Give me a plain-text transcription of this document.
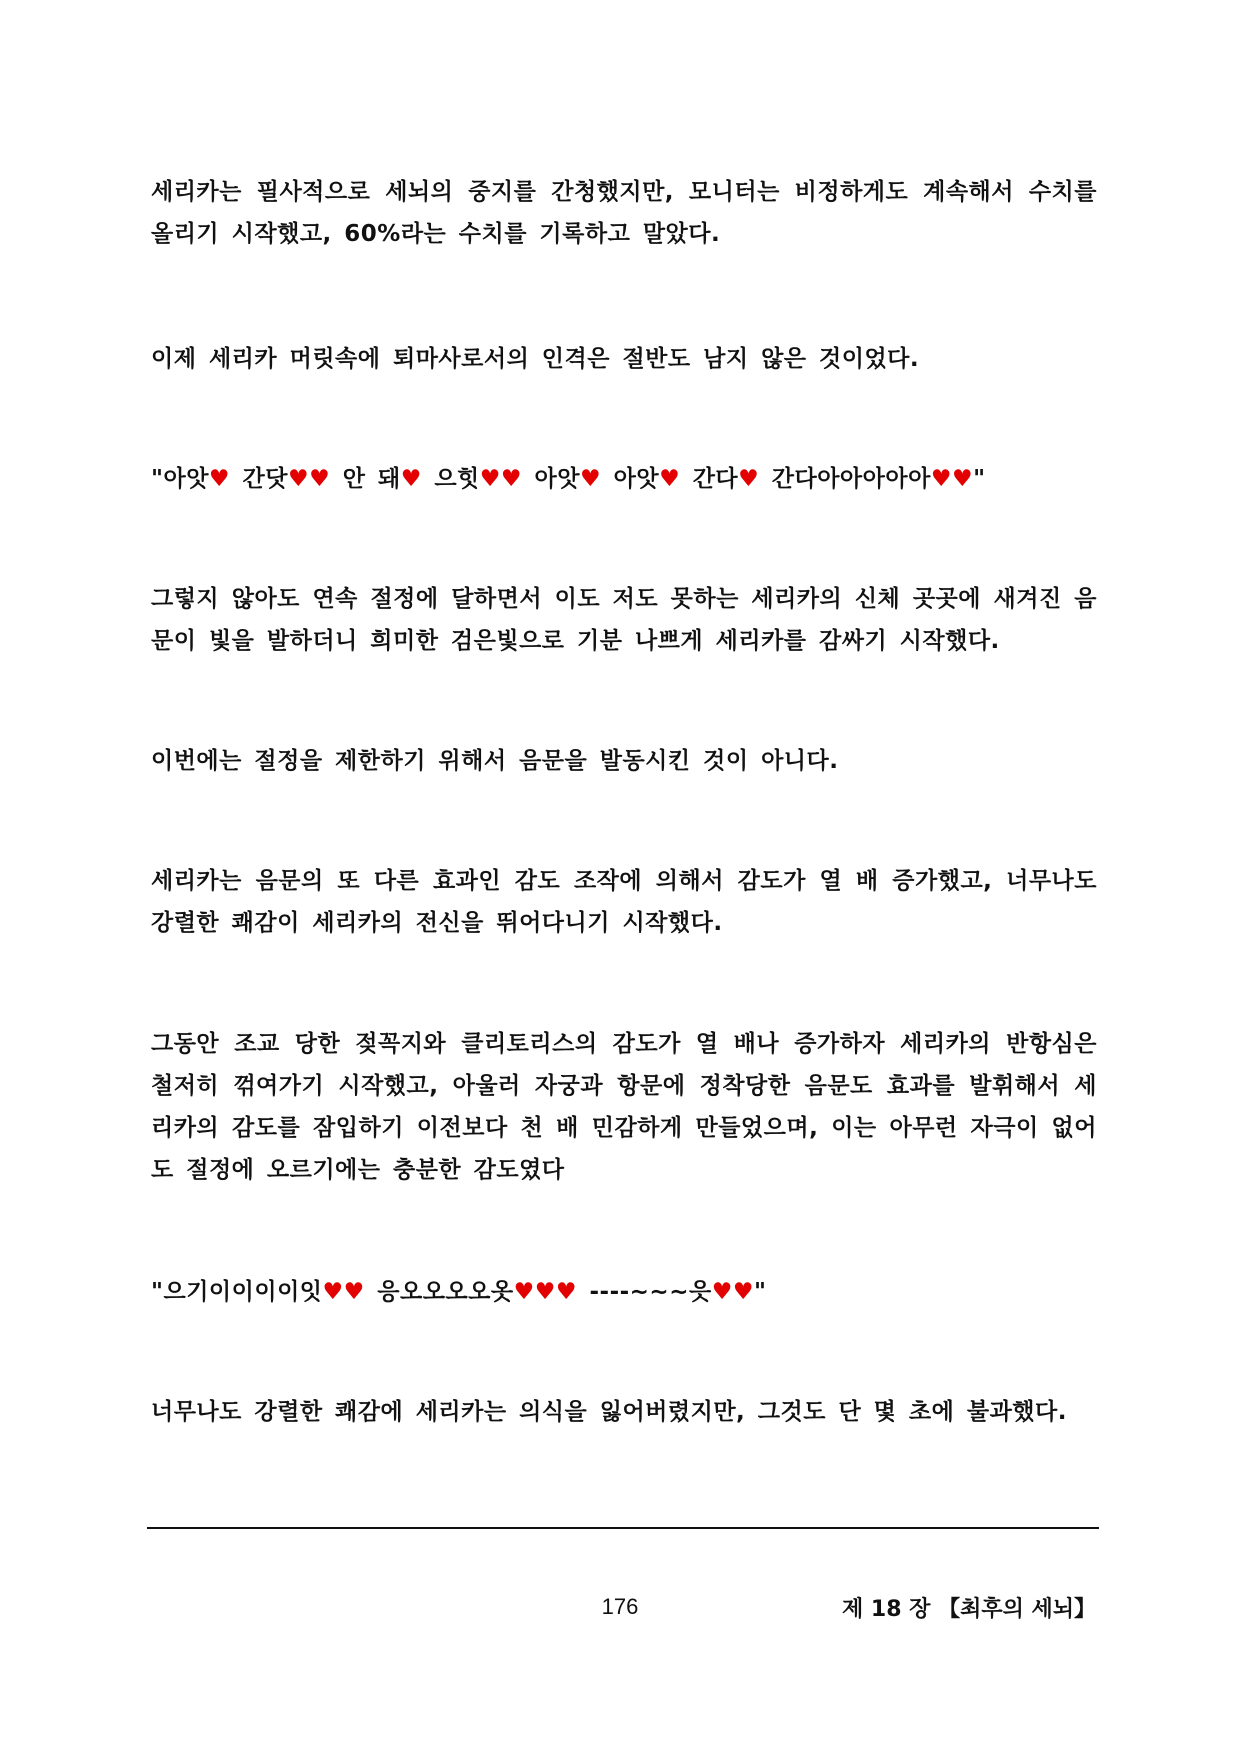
세리카는 필사적으로 세뇌의 중지를 간청했지만, 모니터는 비정하게도 계속해서 수치를 올리기 시작했고, 60%라는 수치를 기록하고 말았다.

이제 세리카 머릿속에 퇴마사로서의 인격은 절반도 남지 않은 것이었다.

"아앗♥ 간닷♥♥ 안 돼♥ 으힛♥♥ 아앗♥ 아앗♥ 간다♥ 간다아아아아아♥♥"

그렇지 않아도 연속 절정에 달하면서 이도 저도 못하는 세리카의 신체 곳곳에 새겨진 음문이 빛을 발하더니 희미한 검은빛으로 기분 나쁘게 세리카를 감싸기 시작했다.

이번에는 절정을 제한하기 위해서 음문을 발동시킨 것이 아니다.

세리카는 음문의 또 다른 효과인 감도 조작에 의해서 감도가 열 배 증가했고, 너무나도 강렬한 쾌감이 세리카의 전신을 뛰어다니기 시작했다.

그동안 조교 당한 젖꼭지와 클리토리스의 감도가 열 배나 증가하자 세리카의 반항심은 철저히 꺾여가기 시작했고, 아울러 자궁과 항문에 정착당한 음문도 효과를 발휘해서 세리카의 감도를 잠입하기 이전보다 천 배 민감하게 만들었으며, 이는 아무런 자극이 없어도 절정에 오르기에는 충분한 감도였다

"으기이이이이잇♥♥ 응오오오오옷♥♥♥ ----~~~읏♥♥"

너무나도 강렬한 쾌감에 세리카는 의식을 잃어버렸지만, 그것도 단 몇 초에 불과했다.

176	제 18 장 【최후의 세뇌】
